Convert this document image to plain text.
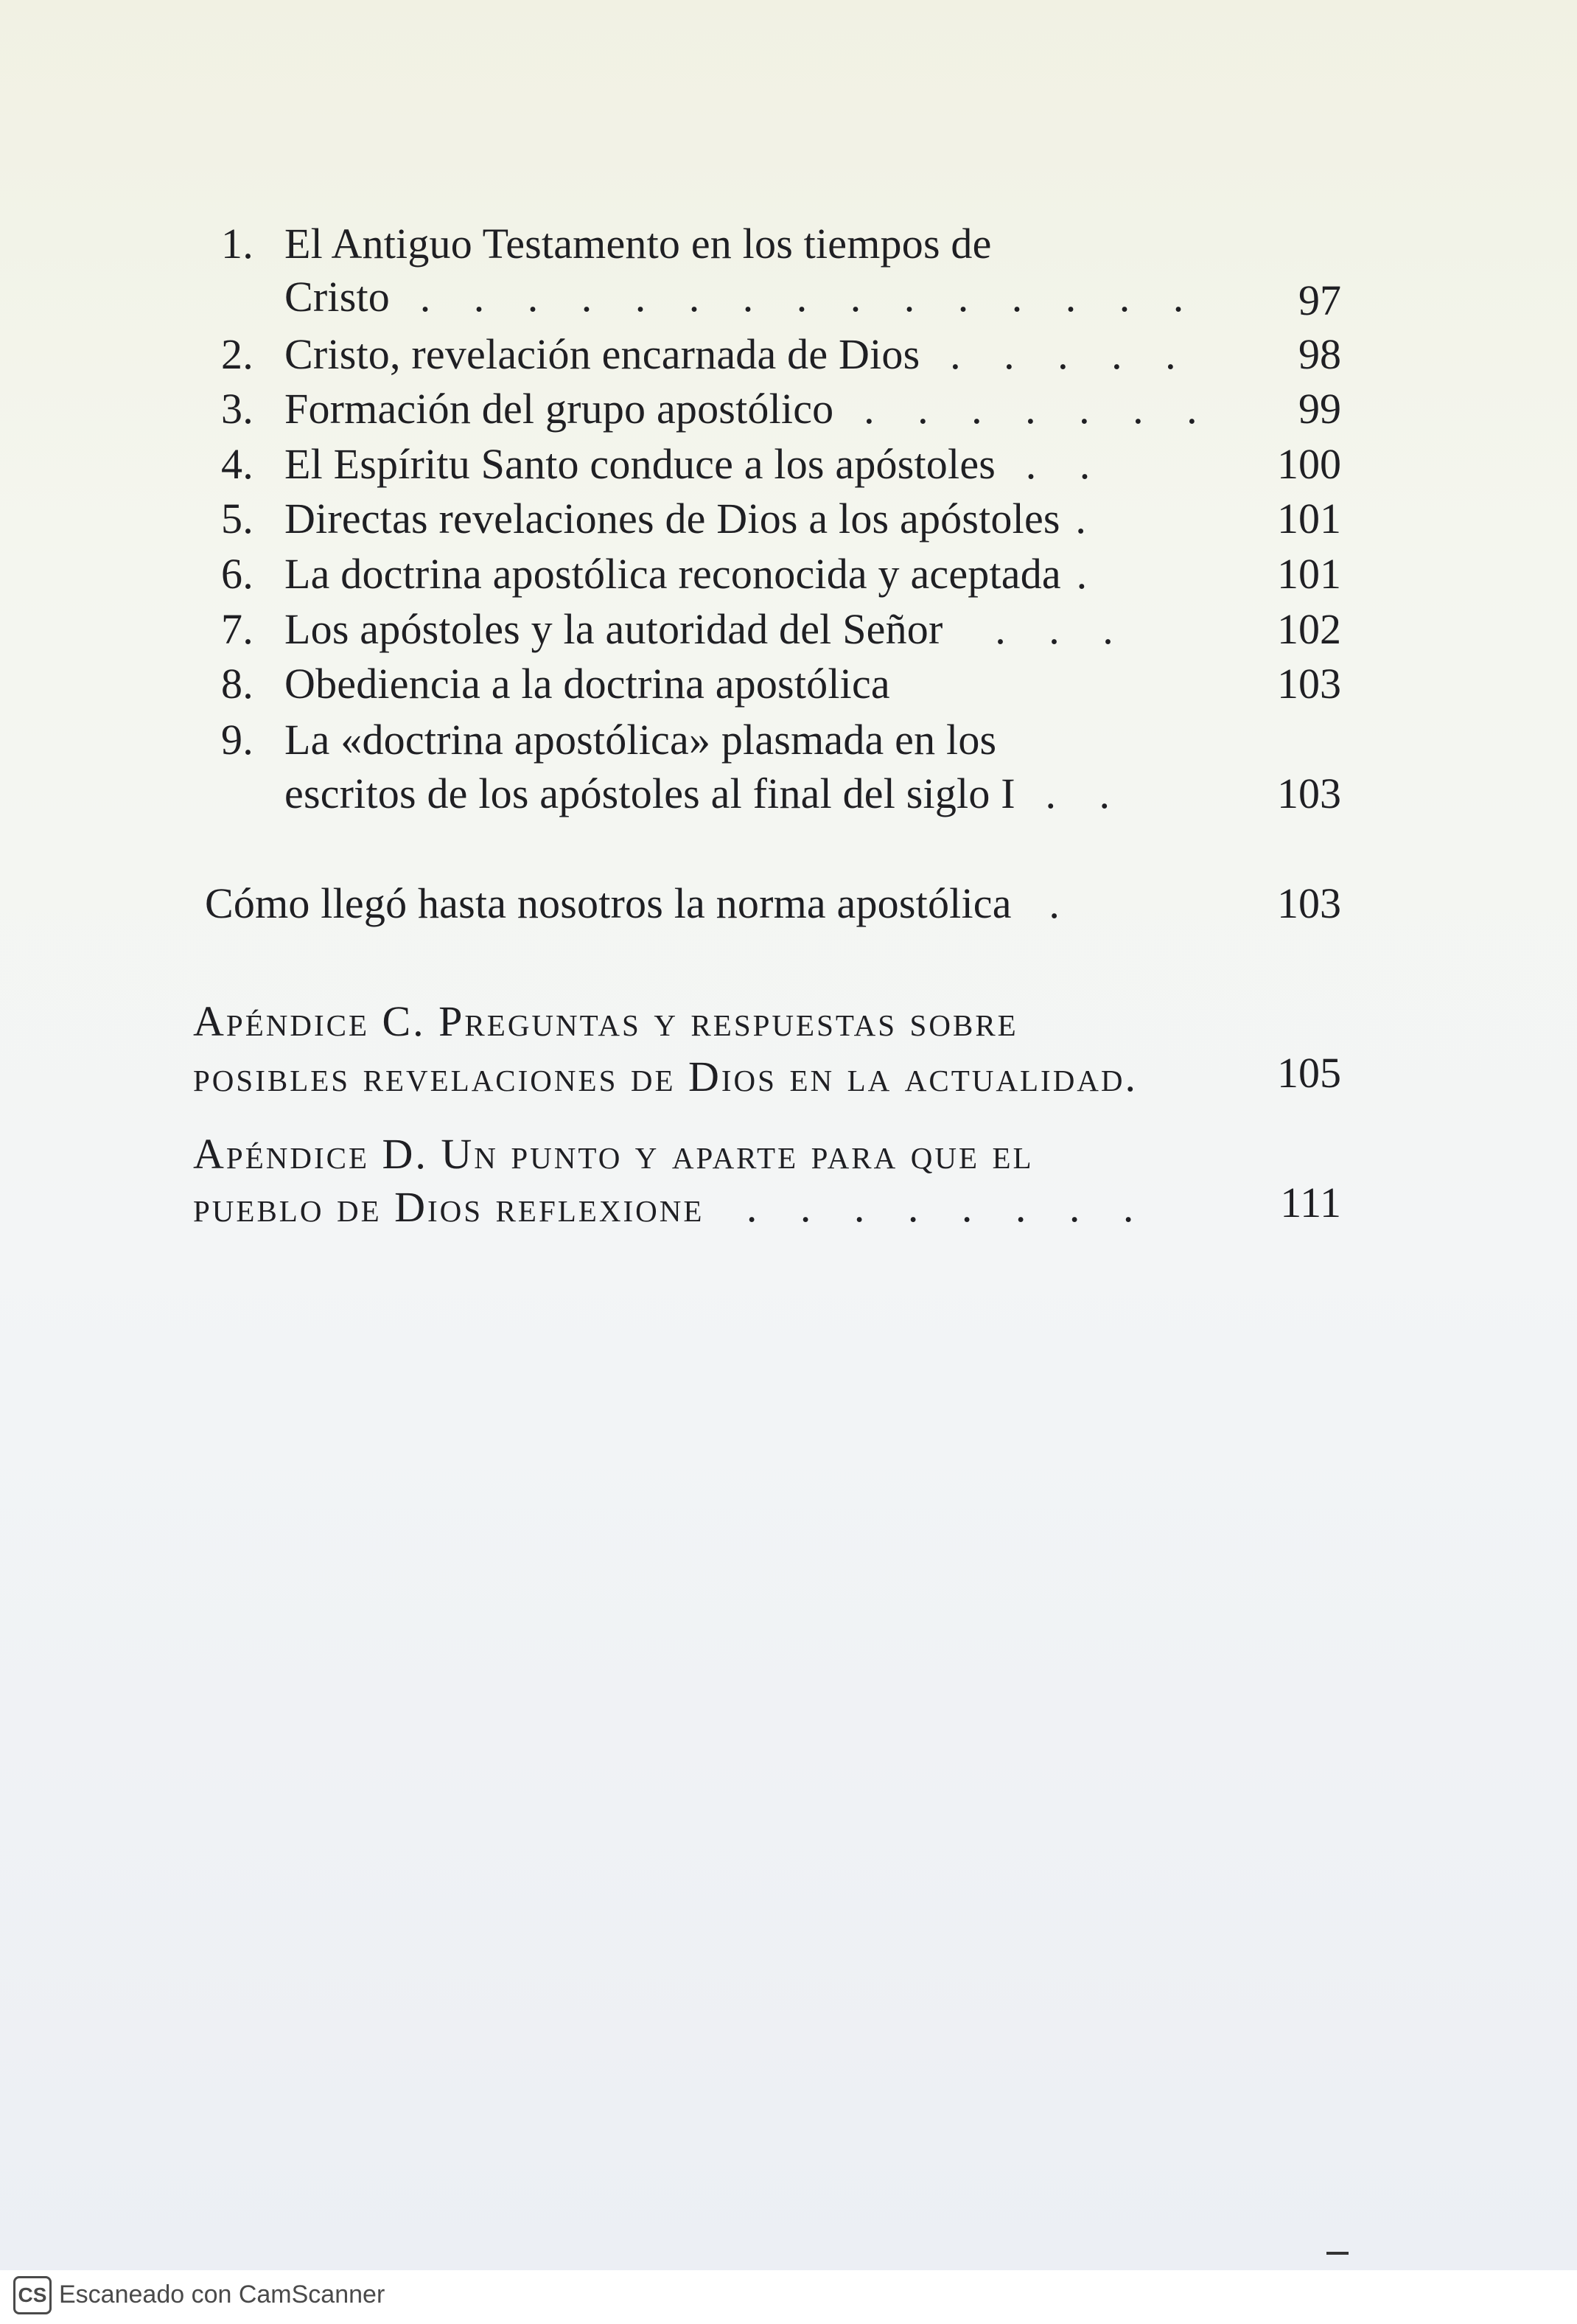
1. El Antiguo Testamento en los tiempos de
Cristo . . . . . . . . . . . . . . .	97
2. Cristo, revelación encarnada de Dios . . . . .	98
3. Formación del grupo apostólico . . . . . . .	99
4. El Espíritu Santo conduce a los apóstoles . .	100
5. Directas revelaciones de Dios a los apóstoles .	101
6. La doctrina apostólica reconocida y aceptada .	101
7. Los apóstoles y la autoridad del Señor . . .	102
8. Obediencia a la doctrina apostólica	103
9. La «doctrina apostólica» plasmada en los
escritos de los apóstoles al final del siglo I . .	103
Cómo llegó hasta nosotros la norma apostólica .	103
Apéndice C. Preguntas y respuestas sobre
posibles revelaciones de Dios en la actualidad.	105
Apéndice D. Un punto y aparte para que el
pueblo de Dios reflexione . . . . . . . .	111
CS Escaneado con CamScanner
